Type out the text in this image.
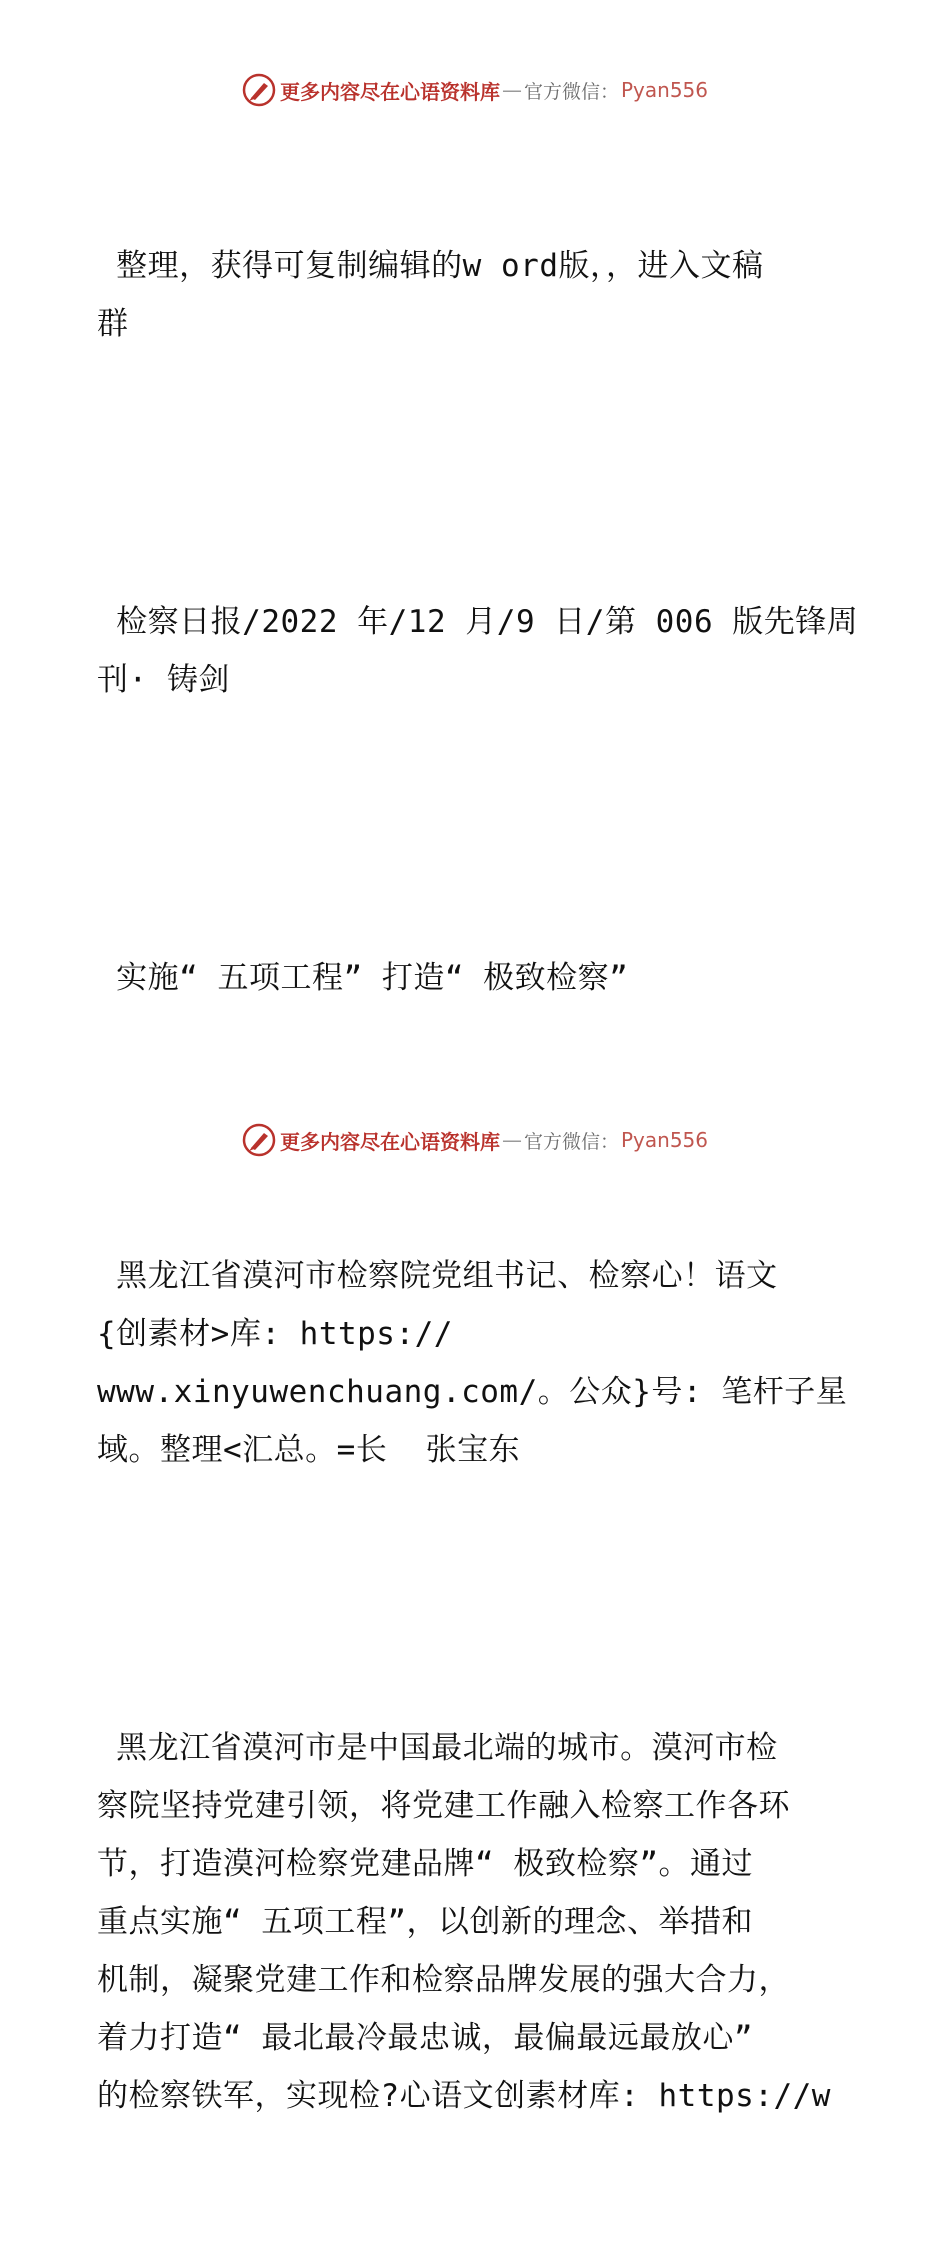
更多内容尽在心语资料库 — 官方微信： Pyan556

整理，获得可复制编辑的w ord版，，进入文稿
群

检察日报/2022 年/12 月/9 日/第 006 版先锋周
刊· 铸剑

实施“ 五项工程” 打造“ 极致检察”

黑龙江省漠河市检察院党组书记、检察心！语文
{创素材>库: https://
www.xinyuwenchuang.com/。公众}号: 笔杆子星
域。整理<汇总。=长  张宝东

黑龙江省漠河市是中国最北端的城市。漠河市检
察院坚持党建引领，将党建工作融入检察工作各环
节，打造漠河检察党建品牌“ 极致检察”。通过
重点实施“ 五项工程”，以创新的理念、举措和
机制，凝聚党建工作和检察品牌发展的强大合力，
着力打造“ 最北最冷最忠诚，最偏最远最放心”
的检察铁军，实现检?心语文创素材库: https://w

更多内容尽在心语资料库 — 官方微信： Pyan556
